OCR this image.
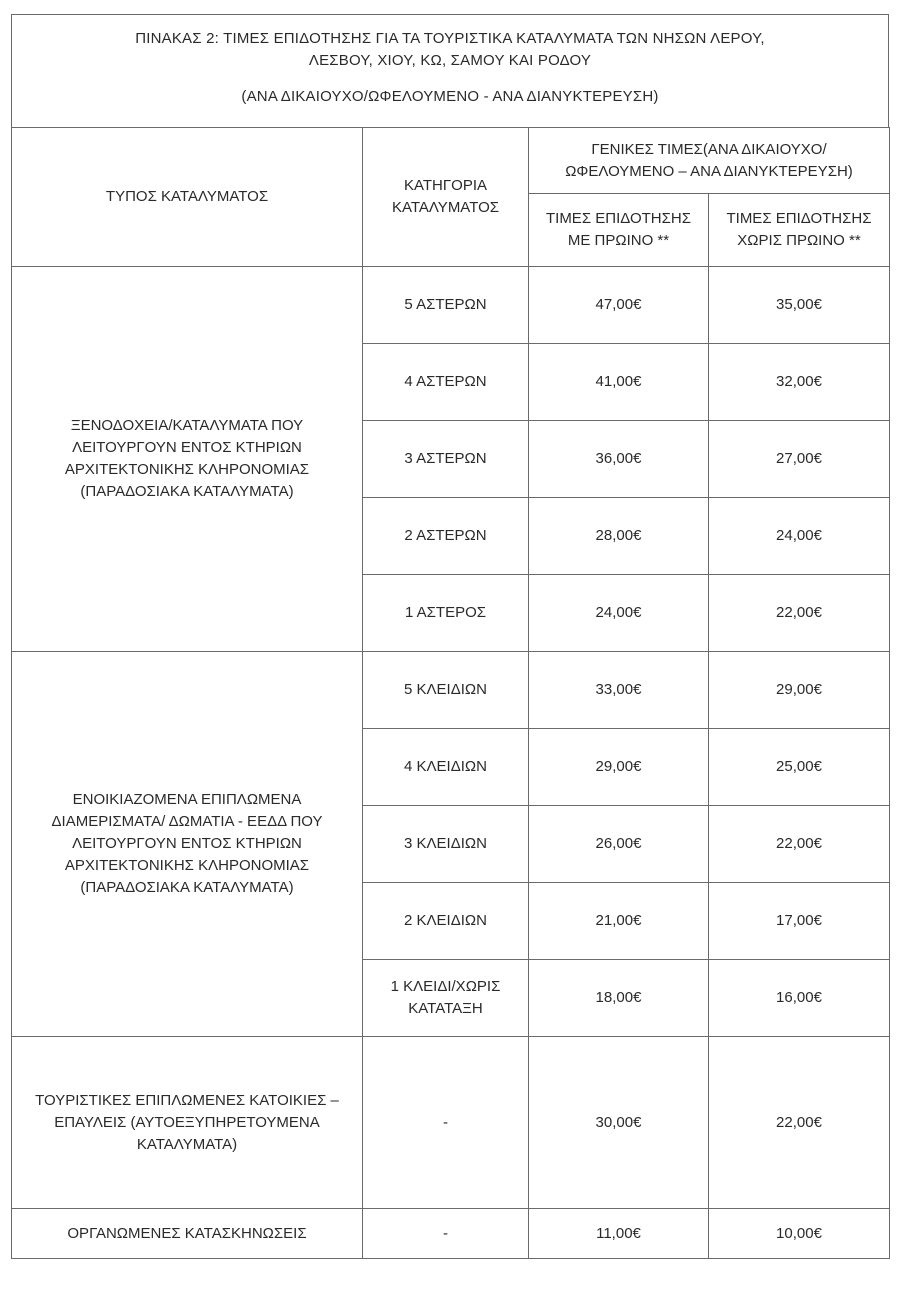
ΠΙΝΑΚΑΣ 2: ΤΙΜΕΣ ΕΠΙΔΟΤΗΣΗΣ ΓΙΑ ΤΑ ΤΟΥΡΙΣΤΙΚΑ ΚΑΤΑΛΥΜΑΤΑ ΤΩΝ ΝΗΣΩΝ ΛΕΡΟΥ,
ΛΕΣΒΟΥ, ΧΙΟΥ, ΚΩ, ΣΑΜΟΥ ΚΑΙ ΡΟΔΟΥ
(ΑΝΑ ΔΙΚΑΙΟΥΧΟ/ΩΦΕΛΟΥΜΕΝΟ - ΑΝΑ ΔΙΑΝΥΚΤΕΡΕΥΣΗ)
ΤΥΠΟΣ ΚΑΤΑΛΥΜΑΤΟΣ	ΚΑΤΗΓΟΡΙΑ ΚΑΤΑΛΥΜΑΤΟΣ	ΓΕΝΙΚΕΣ ΤΙΜΕΣ(ΑΝΑ ΔΙΚΑΙΟΥΧΟ/ ΩΦΕΛΟΥΜΕΝΟ – ΑΝΑ ΔΙΑΝΥΚΤΕΡΕΥΣΗ)	
		ΤΙΜΕΣ ΕΠΙΔΟΤΗΣΗΣ ΜΕ ΠΡΩΙΝΟ **	ΤΙΜΕΣ ΕΠΙΔΟΤΗΣΗΣ ΧΩΡΙΣ ΠΡΩΙΝΟ **
ΞΕΝΟΔΟΧΕΙΑ/ΚΑΤΑΛΥΜΑΤΑ ΠΟΥ ΛΕΙΤΟΥΡΓΟΥΝ ΕΝΤΟΣ ΚΤΗΡΙΩΝ ΑΡΧΙΤΕΚΤΟΝΙΚΗΣ ΚΛΗΡΟΝΟΜΙΑΣ (ΠΑΡΑΔΟΣΙΑΚΑ ΚΑΤΑΛΥΜΑΤΑ)	5 ΑΣΤΕΡΩΝ	47,00€	35,00€
	4 ΑΣΤΕΡΩΝ	41,00€	32,00€
	3 ΑΣΤΕΡΩΝ	36,00€	27,00€
	2 ΑΣΤΕΡΩΝ	28,00€	24,00€
	1 ΑΣΤΕΡΟΣ	24,00€	22,00€
ΕΝΟΙΚΙΑΖΟΜΕΝΑ ΕΠΙΠΛΩΜΕΝΑ ΔΙΑΜΕΡΙΣΜΑΤΑ/ ΔΩΜΑΤΙΑ - ΕΕΔΔ ΠΟΥ ΛΕΙΤΟΥΡΓΟΥΝ ΕΝΤΟΣ ΚΤΗΡΙΩΝ ΑΡΧΙΤΕΚΤΟΝΙΚΗΣ ΚΛΗΡΟΝΟΜΙΑΣ (ΠΑΡΑΔΟΣΙΑΚΑ ΚΑΤΑΛΥΜΑΤΑ)	5 ΚΛΕΙΔΙΩΝ	33,00€	29,00€
	4 ΚΛΕΙΔΙΩΝ	29,00€	25,00€
	3 ΚΛΕΙΔΙΩΝ	26,00€	22,00€
	2 ΚΛΕΙΔΙΩΝ	21,00€	17,00€
	1 ΚΛΕΙΔΙ/ΧΩΡΙΣ ΚΑΤΑΤΑΞΗ	18,00€	16,00€
ΤΟΥΡΙΣΤΙΚΕΣ ΕΠΙΠΛΩΜΕΝΕΣ ΚΑΤΟΙΚΙΕΣ –ΕΠΑΥΛΕΙΣ (ΑΥΤΟΕΞΥΠΗΡΕΤΟΥΜΕΝΑ ΚΑΤΑΛΥΜΑΤΑ)	-	30,00€	22,00€
ΟΡΓΑΝΩΜΕΝΕΣ ΚΑΤΑΣΚΗΝΩΣΕΙΣ	-	11,00€	10,00€
